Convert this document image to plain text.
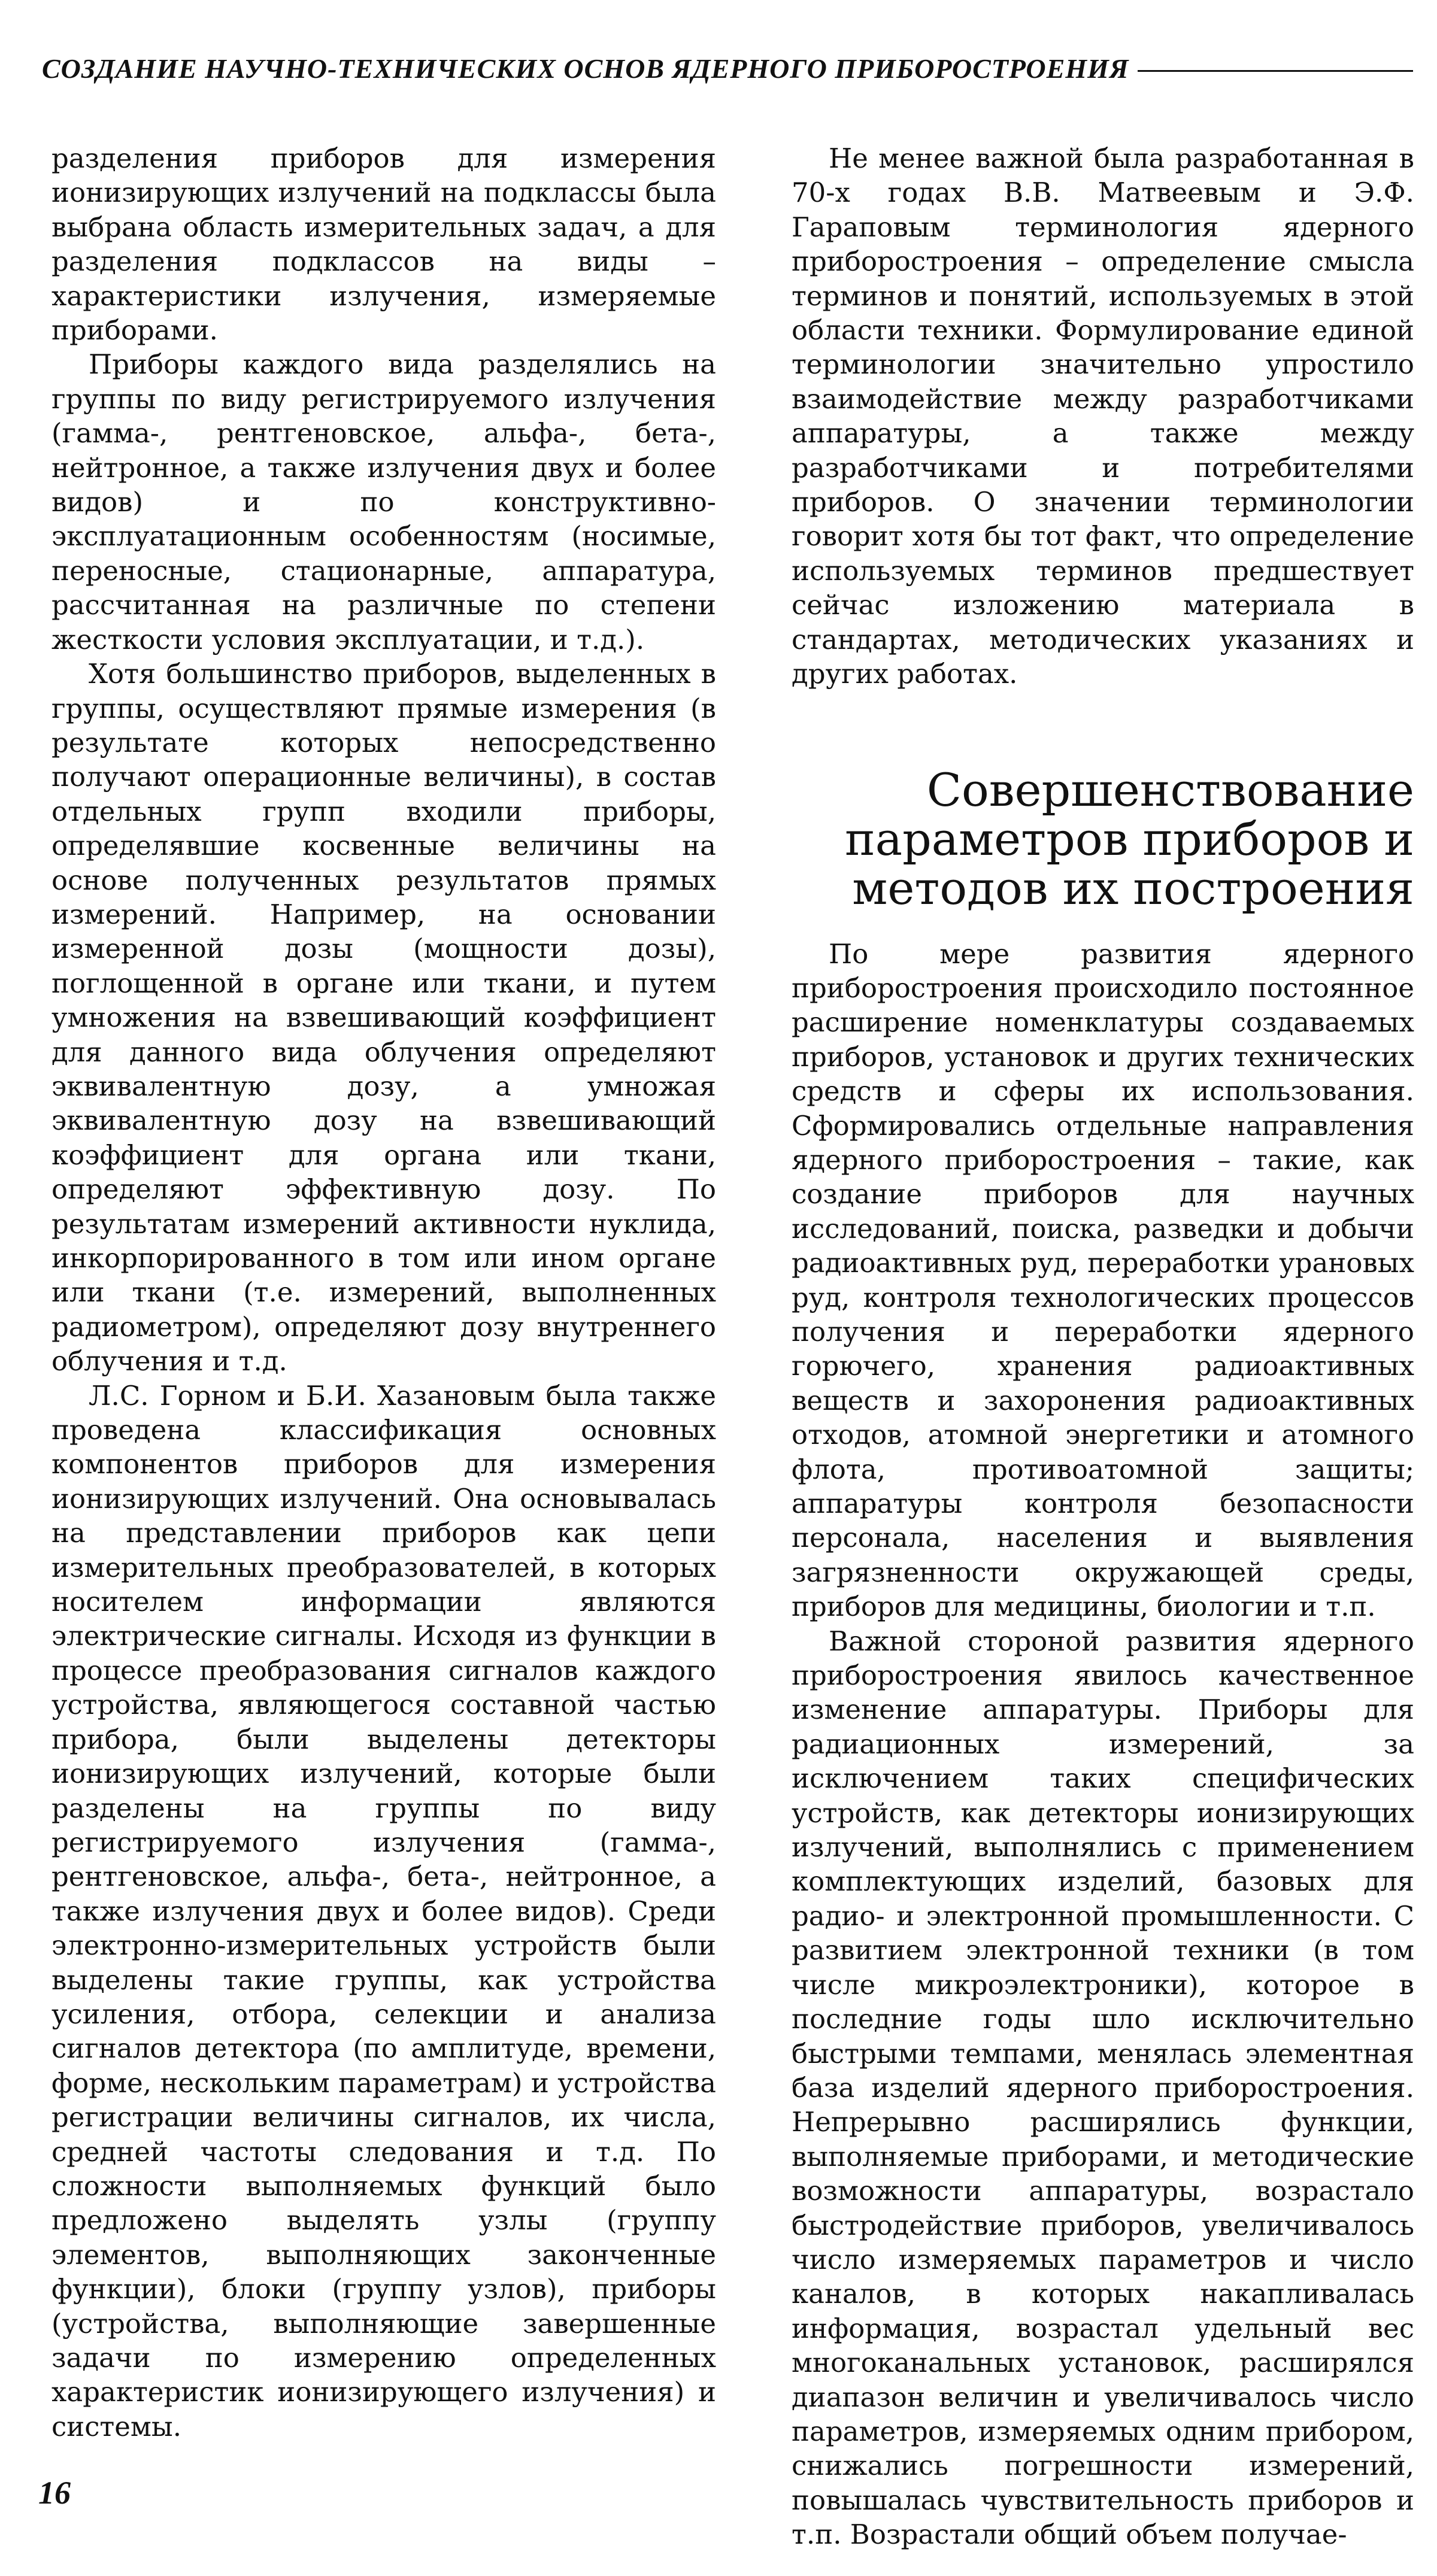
СОЗДАНИЕ НАУЧНО-ТЕХНИЧЕСКИХ ОСНОВ ЯДЕРНОГО ПРИБОРОСТРОЕНИЯ

разделения приборов для измерения ионизирующих излучений на подклассы была выбрана область измерительных задач, а для разделения подклассов на виды – характеристики излучения, измеряемые приборами.

Приборы каждого вида разделялись на группы по виду регистрируемого излучения (гамма-, рентгеновское, альфа-, бета-, нейтронное, а также излучения двух и более видов) и по конструктивно-эксплуатационным особенностям (носимые, переносные, стационарные, аппаратура, рассчитанная на различные по степени жесткости условия эксплуатации, и т.д.).

Хотя большинство приборов, выделенных в группы, осуществляют прямые измерения (в результате которых непосредственно получают операционные величины), в состав отдельных групп входили приборы, определявшие косвенные величины на основе полученных результатов прямых измерений. Например, на основании измеренной дозы (мощности дозы), поглощенной в органе или ткани, и путем умножения на взвешивающий коэффициент для данного вида облучения определяют эквивалентную дозу, а умножая эквивалентную дозу на взвешивающий коэффициент для органа или ткани, определяют эффективную дозу. По результатам измерений активности нуклида, инкорпорированного в том или ином органе или ткани (т.е. измерений, выполненных радиометром), определяют дозу внутреннего облучения и т.д.

Л.С. Горном и Б.И. Хазановым была также проведена классификация основных компонентов приборов для измерения ионизирующих излучений. Она основывалась на представлении приборов как цепи измерительных преобразователей, в которых носителем информации являются электрические сигналы. Исходя из функции в процессе преобразования сигналов каждого устройства, являющегося составной частью прибора, были выделены детекторы ионизирующих излучений, которые были разделены на группы по виду регистрируемого излучения (гамма-, рентгеновское, альфа-, бета-, нейтронное, а также излучения двух и более видов). Среди электронно-измерительных устройств были выделены такие группы, как устройства усиления, отбора, селекции и анализа сигналов детектора (по амплитуде, времени, форме, нескольким параметрам) и устройства регистрации величины сигналов, их числа, средней частоты следования и т.д. По сложности выполняемых функций было предложено выделять узлы (группу элементов, выполняющих законченные функции), блоки (группу узлов), приборы (устройства, выполняющие завершенные задачи по измерению определенных характеристик ионизирующего излучения) и системы.

16

Не менее важной была разработанная в 70-х годах В.В. Матвеевым и Э.Ф. Гараповым терминология ядерного приборостроения – определение смысла терминов и понятий, используемых в этой области техники. Формулирование единой терминологии значительно упростило взаимодействие между разработчиками аппаратуры, а также между разработчиками и потребителями приборов. О значении терминологии говорит хотя бы тот факт, что определение используемых терминов предшествует сейчас изложению материала в стандартах, методических указаниях и других работах.

Совершенствование параметров приборов и методов их построения

По мере развития ядерного приборостроения происходило постоянное расширение номенклатуры создаваемых приборов, установок и других технических средств и сферы их использования. Сформировались отдельные направления ядерного приборостроения – такие, как создание приборов для научных исследований, поиска, разведки и добычи радиоактивных руд, переработки урановых руд, контроля технологических процессов получения и переработки ядерного горючего, хранения радиоактивных веществ и захоронения радиоактивных отходов, атомной энергетики и атомного флота, противоатомной защиты; аппаратуры контроля безопасности персонала, населения и выявления загрязненности окружающей среды, приборов для медицины, биологии и т.п.

Важной стороной развития ядерного приборостроения явилось качественное изменение аппаратуры. Приборы для радиационных измерений, за исключением таких специфических устройств, как детекторы ионизирующих излучений, выполнялись с применением комплектующих изделий, базовых для радио- и электронной промышленности. С развитием электронной техники (в том числе микроэлектроники), которое в последние годы шло исключительно быстрыми темпами, менялась элементная база изделий ядерного приборостроения. Непрерывно расширялись функции, выполняемые приборами, и методические возможности аппаратуры, возрастало быстродействие приборов, увеличивалось число измеряемых параметров и число каналов, в которых накапливалась информация, возрастал удельный вес многоканальных установок, расширялся диапазон величин и увеличивалось число параметров, измеряемых одним прибором, снижались погрешности измерений, повышалась чувствительность приборов и т.п. Возрастали общий объем получае-
